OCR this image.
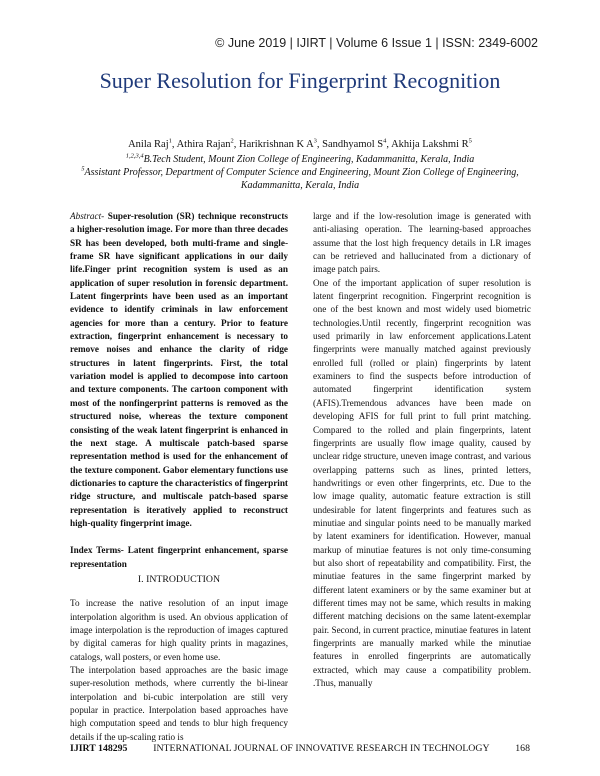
© June 2019 | IJIRT | Volume 6 Issue 1 | ISSN: 2349-6002
Super Resolution for Fingerprint Recognition
Anila Raj$^1$, Athira Rajan$^2$, Harikrishnan K $A^3$, Sandhyamol $S^4$, Akhija Lakshmi $R^5$
$^{1,2,3,4}$B.Tech Student, Mount Zion College of Engineering, Kadammanitta, Kerala, India
$^5$Assistant Professor, Department of Computer Science and Engineering, Mount Zion College of Engineering, Kadammanitta, Kerala, India

Abstract- Super-resolution (SR) technique reconstructs a higher-resolution image. For more than three decades SR has been developed, both multi-frame and single-frame SR have significant applications in our daily life.Finger print recognition system is used as an application of super resolution in forensic department. Latent fingerprints have been used as an important evidence to identify criminals in law enforcement agencies for more than a century. Prior to feature extraction, fingerprint enhancement is necessary to remove noises and enhance the clarity of ridge structures in latent fingerprints. First, the total variation model is applied to decompose into cartoon and texture components. The cartoon component with most of the nonfingerprint patterns is removed as the structured noise, whereas the texture component consisting of the weak latent fingerprint is enhanced in the next stage. A multiscale patch-based sparse representation method is used for the enhancement of the texture component. Gabor elementary functions use dictionaries to capture the characteristics of fingerprint ridge structure, and multiscale patch-based sparse representation is iteratively applied to reconstruct high-quality fingerprint image.

Index Terms- Latent fingerprint enhancement, sparse representation

I. INTRODUCTION

To increase the native resolution of an input image interpolation algorithm is used. An obvious application of image interpolation is the reproduction of images captured by digital cameras for high quality prints in magazines, catalogs, wall posters, or even home use.

The interpolation based approaches are the basic image super-resolution methods, where currently the bi-linear interpolation and bi-cubic interpolation are still very popular in practice. Interpolation based approaches have high computation speed and tends to blur high frequency details if the up-scaling ratio is

large and if the low-resolution image is generated with anti-aliasing operation. The learning-based approaches assume that the lost high frequency details in LR images can be retrieved and hallucinated from a dictionary of image patch pairs.

One of the important application of super resolution is latent fingerprint recognition. Fingerprint recognition is one of the best known and most widely used biometric technologies.Until recently, fingerprint recognition was used primarily in law enforcement applications.Latent fingerprints were manually matched against previously enrolled full (rolled or plain) fingerprints by latent examiners to find the suspects before introduction of automated fingerprint identification system (AFIS).Tremendous advances have been made on developing AFIS for full print to full print matching. Compared to the rolled and plain fingerprints, latent fingerprints are usually flow image quality, caused by unclear ridge structure, uneven image contrast, and various overlapping patterns such as lines, printed letters, handwritings or even other fingerprints, etc. Due to the low image quality, automatic feature extraction is still undesirable for latent fingerprints and features such as minutiae and singular points need to be manually marked by latent examiners for identification. However, manual markup of minutiae features is not only time-consuming but also short of repeatability and compatibility. First, the minutiae features in the same fingerprint marked by different latent examiners or by the same examiner but at different times may not be same, which results in making different matching decisions on the same latent-exemplar pair. Second, in current practice, minutiae features in latent fingerprints are manually marked while the minutiae features in enrolled fingerprints are automatically extracted, which may cause a compatibility problem. .Thus, manually

IJIRT 148295	INTERNATIONAL JOURNAL OF INNOVATIVE RESEARCH IN TECHNOLOGY	168
